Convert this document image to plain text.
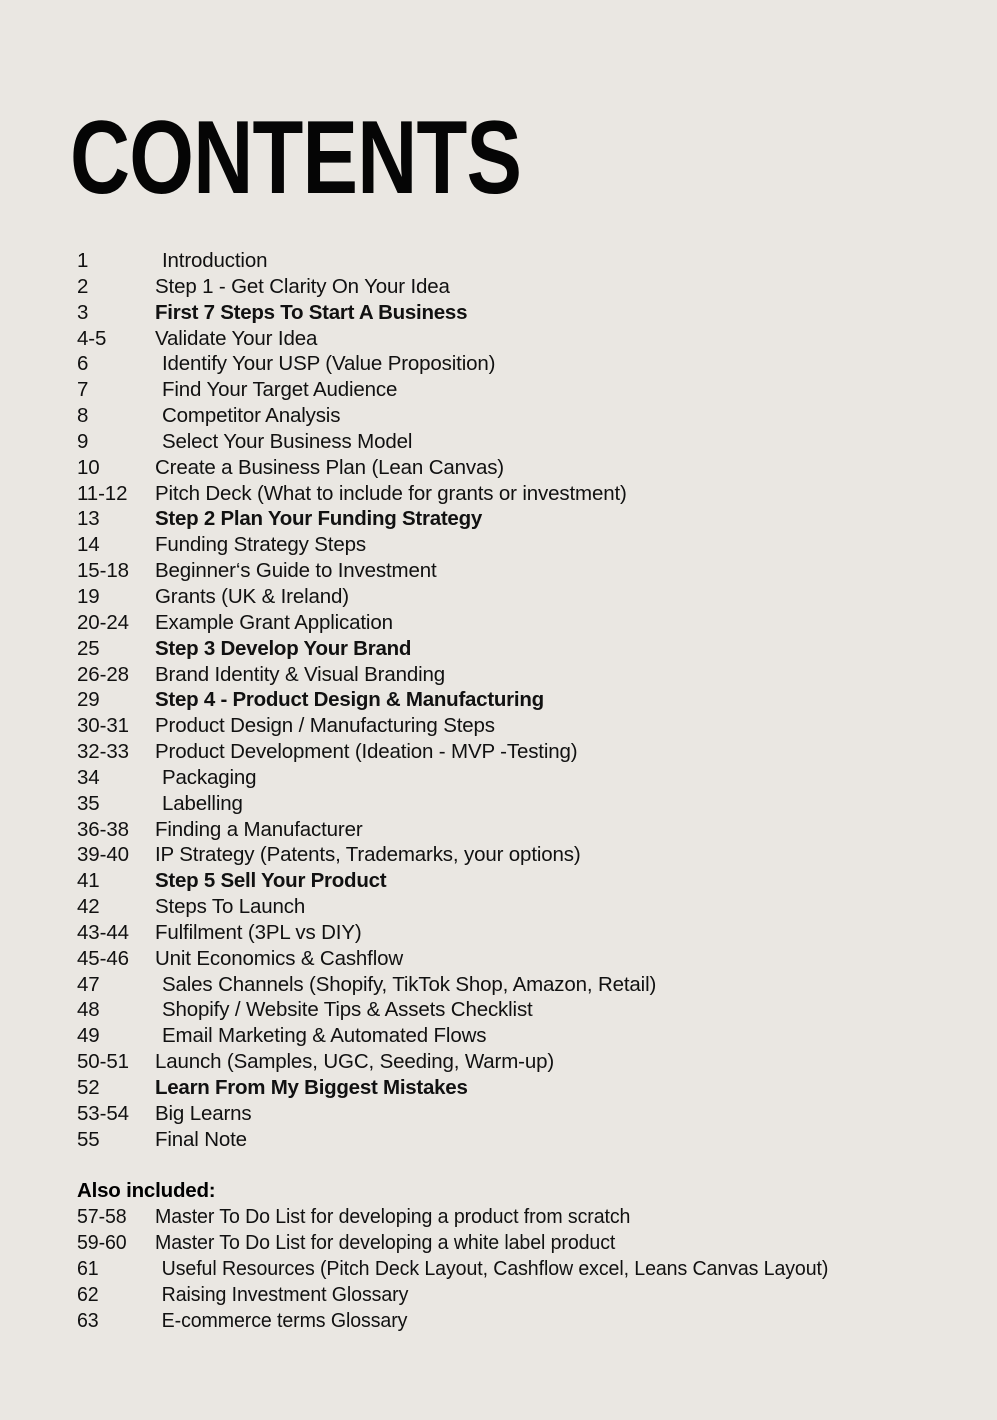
CONTENTS
1	Introduction
2	Step 1 - Get Clarity On Your Idea
3	First 7 Steps To Start A Business
4-5 Validate Your Idea
6	Identify Your USP (Value Proposition)
7	Find Your Target Audience
8	Competitor Analysis
9	Select Your Business Model
10	Create a Business Plan (Lean Canvas)
11-12 Pitch Deck (What to include for grants or investment)
13	Step 2 Plan Your Funding Strategy
14	Funding Strategy Steps
15-18 Beginner‘s Guide to Investment
19	Grants (UK & Ireland)
20-24 Example Grant Application
25	Step 3 Develop Your Brand
26-28 Brand Identity & Visual Branding
29	Step 4 - Product Design & Manufacturing
30-31 Product Design / Manufacturing Steps
32-33 Product Development (Ideation - MVP -Testing)
34	Packaging
35	Labelling
36-38 Finding a Manufacturer
39-40 IP Strategy (Patents, Trademarks, your options)
41	Step 5 Sell Your Product
42	Steps To Launch
43-44 Fulfilment (3PL vs DIY)
45-46 Unit Economics & Cashflow
47	Sales Channels (Shopify, TikTok Shop, Amazon, Retail)
48	Shopify / Website Tips & Assets Checklist
49	Email Marketing & Automated Flows
50-51 Launch (Samples, UGC, Seeding, Warm-up)
52	Learn From My Biggest Mistakes
53-54 Big Learns
55	Final Note
Also included:
57-58 Master To Do List for developing a product from scratch
59-60 Master To Do List for developing a white label product
61	Useful Resources (Pitch Deck Layout, Cashflow excel, Leans Canvas Layout)
62	Raising Investment Glossary
63	E-commerce terms Glossary
